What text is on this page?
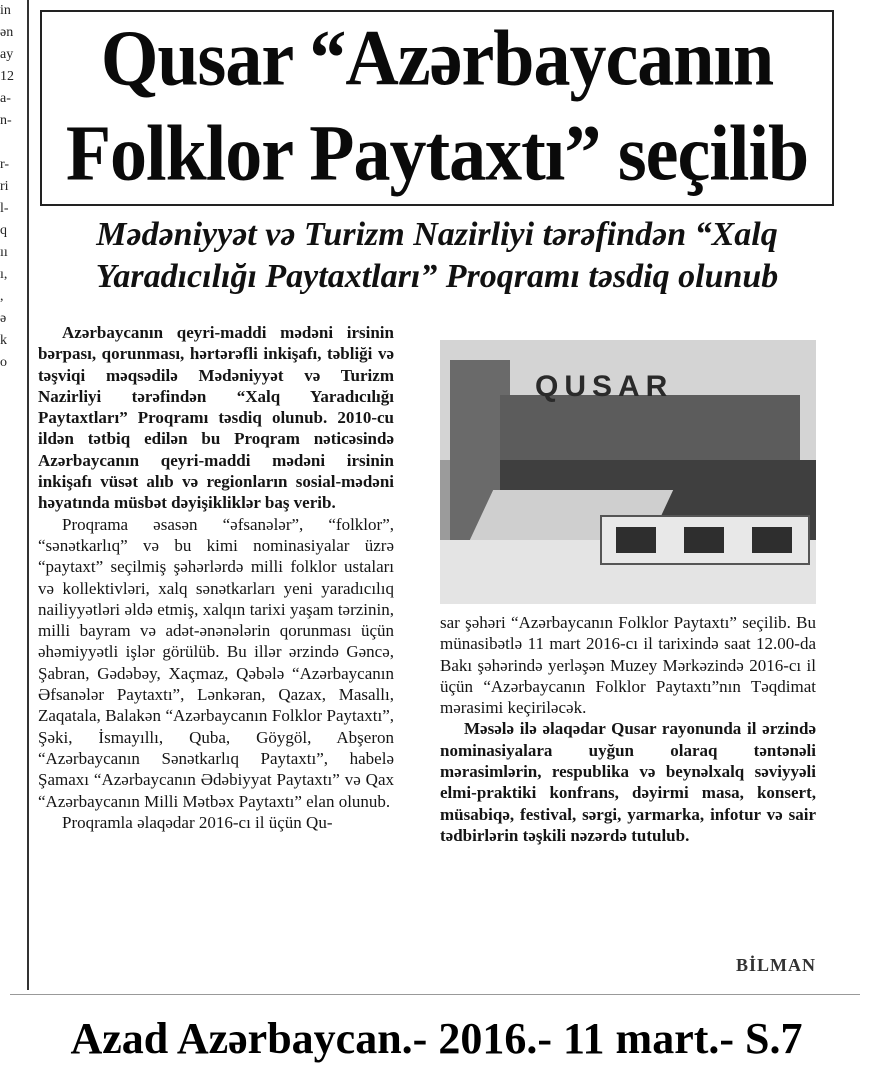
in
ən
ay
12
a-
n-

r-
ri
l-
q
ıı
ı,
,
ə
k
o
Qusar “Azərbaycanın
Folklor Paytaxtı” seçilib
Mədəniyyət və Turizm Nazirliyi tərəfindən “Xalq Yaradıcılığı Paytaxtları” Proqramı təsdiq olunub

Azərbaycanın qeyri-maddi mədəni irsinin bərpası, qorunması, hərtərəfli inkişafı, təbliği və təşviqi məqsədilə Mədəniyyət və Turizm Nazirliyi tərəfindən “Xalq Yaradıcılığı Paytaxtları” Proqramı təsdiq olunub. 2010-cu ildən tətbiq edilən bu Proqram nəticəsində Azərbaycanın qeyri-maddi mədəni irsinin inkişafı vüsət alıb və regionların sosial-mədəni həyatında müsbət dəyişikliklər baş verib.

Proqrama əsasən “əfsanələr”, “folklor”, “sənətkarlıq” və bu kimi nominasiyalar üzrə “paytaxt” seçilmiş şəhərlərdə milli folklor ustaları və kollektivləri, xalq sənətkarları yeni yaradıcılıq nailiyyətləri əldə etmiş, xalqın tarixi yaşam tərzinin, milli bayram və adət-ənənələrin qorunması üçün əhəmiyyətli işlər görülüb. Bu illər ərzində Gəncə, Şabran, Gədəbəy, Xaçmaz, Qəbələ “Azərbaycanın Əfsanələr Paytaxtı”, Lənkəran, Qazax, Masallı, Zaqatala, Balakən “Azərbaycanın Folklor Paytaxtı”, Şəki, İsmayıllı, Quba, Göygöl, Abşeron “Azərbaycanın Sənətkarlıq Paytaxtı”, habelə Şamaxı “Azərbaycanın Ədəbiyyat Paytaxtı” və Qax “Azərbaycanın Milli Mətbəx Paytaxtı” elan olunub.

Proqramla əlaqədar 2016-cı il üçün Qu-

QUSAR

sar şəhəri “Azərbaycanın Folklor Paytaxtı” seçilib. Bu münasibətlə 11 mart 2016-cı il tarixində saat 12.00-da Bakı şəhərində yerləşən Muzey Mərkəzində 2016-cı il üçün “Azərbaycanın Folklor Paytaxtı”nın Təqdimat mərasimi keçiriləcək.

Məsələ ilə əlaqədar Qusar rayonunda il ərzində nominasiyalara uyğun olaraq təntənəli mərasimlərin, respublika və beynəlxalq səviyyəli elmi-praktiki konfrans, dəyirmi masa, konsert, müsabiqə, festival, sərgi, yarmarka, infotur və sair tədbirlərin təşkili nəzərdə tutulub.

BİLMAN
Azad Azərbaycan.- 2016.- 11 mart.- S.7
